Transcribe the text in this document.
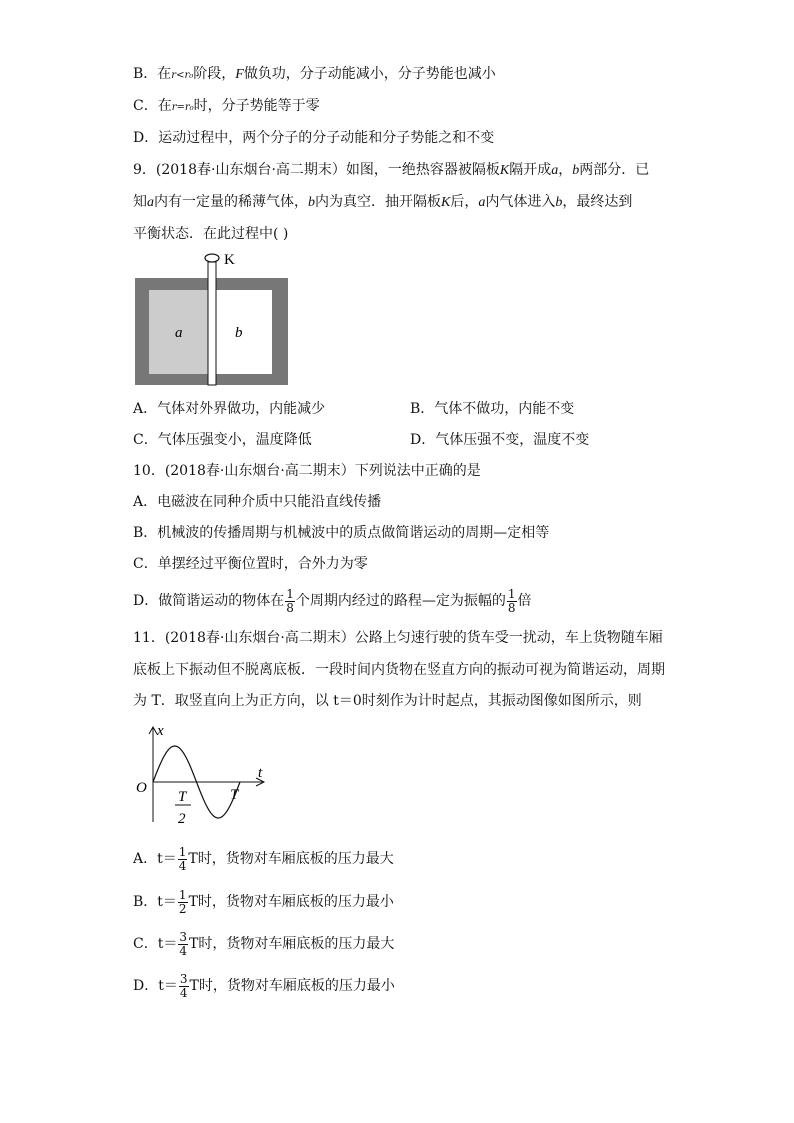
B．在r<r₀阶段，F做负功，分子动能减小，分子势能也减小
C．在r=r₀时，分子势能等于零
D．运动过程中，两个分子的分子动能和分子势能之和不变
9．(2018春·山东烟台·高二期末）如图，一绝热容器被隔板K隔开成a，b两部分．已
知a内有一定量的稀薄气体，b内为真空．抽开隔板K后，a内气体进入b，最终达到
平衡状态．在此过程中( )
K
a	b
A．气体对外界做功，内能减少	B．气体不做功，内能不变
C．气体压强变小，温度降低	D．气体压强不变，温度不变
10．(2018春·山东烟台·高二期末）下列说法中正确的是
A．电磁波在同种介质中只能沿直线传播
B．机械波的传播周期与机械波中的质点做简谐运动的周期—定相等
C．单摆经过平衡位置时，合外力为零
D．做简谐运动的物体在 $\frac{1}{8}$ 个周期内经过的路程—定为振幅的 $\frac{1}{8}$ 倍
11．(2018春·山东烟台·高二期末）公路上匀速行驶的货车受一扰动，车上货物随车厢
底板上下振动但不脱离底板．一段时间内货物在竖直方向的振动可视为简谐运动，周期
为 T．取竖直向上为正方向，以 t＝0时刻作为计时起点，其振动图像如图所示，则
x
t
O	T
T
2
A．$t= \frac{1}{4}$ T时，货物对车厢底板的压力最大
B．$t= \frac{1}{2}$ T时，货物对车厢底板的压力最小
C．$t= \frac{3}{4}$ T时，货物对车厢底板的压力最大
D．$t= \frac{3}{4}$ T时，货物对车厢底板的压力最小
